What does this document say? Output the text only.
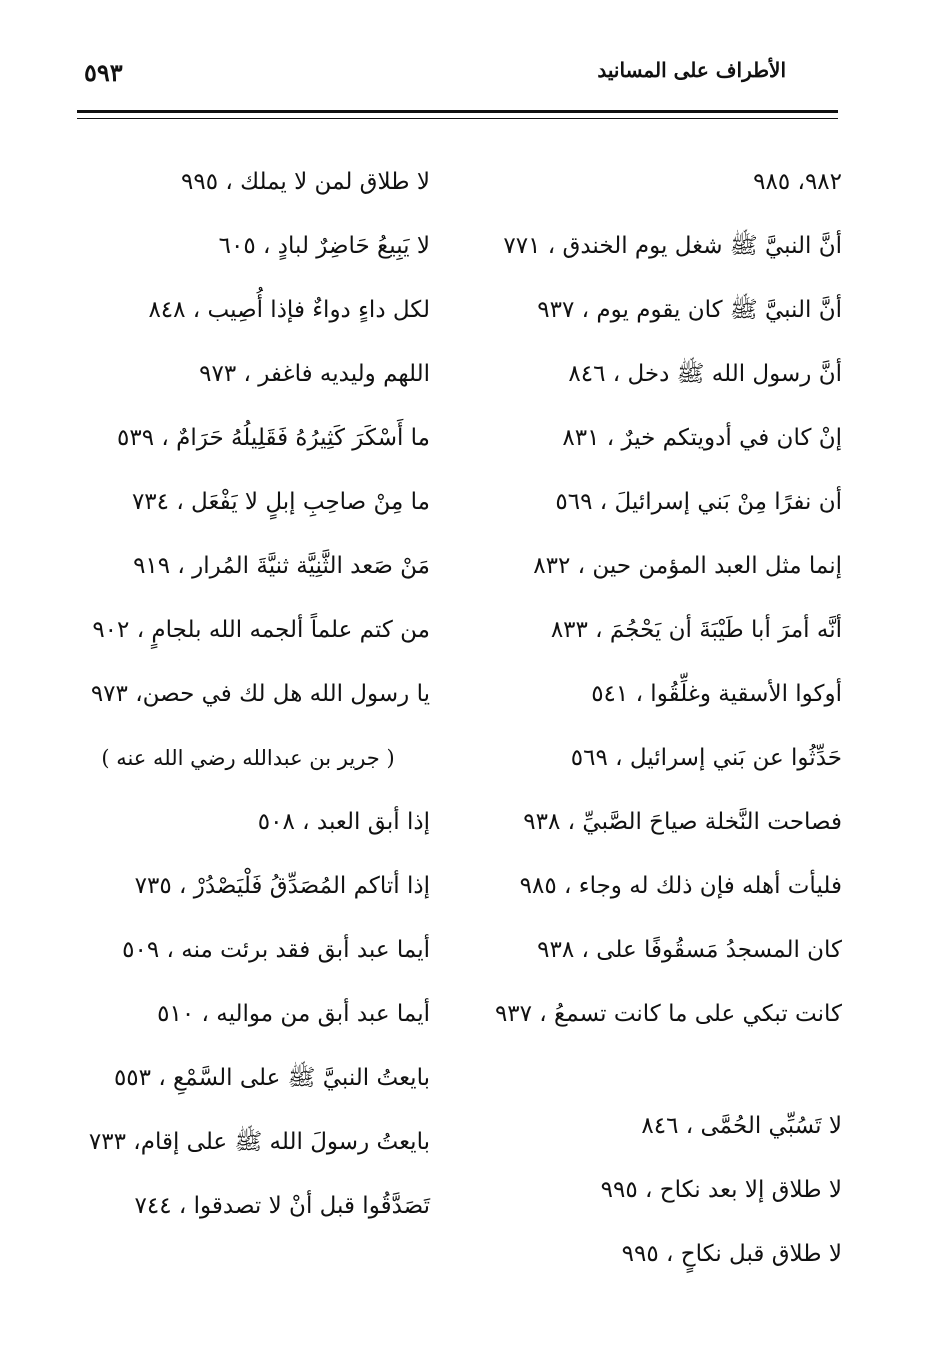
٥٩٣	الأطراف على المسانيد

٩٨٢، ٩٨٥

أنَّ النبيَّ ﷺ شغل يوم الخندق ، ٧٧١

أنَّ النبيَّ ﷺ كان يقوم يوم ، ٩٣٧

أنَّ رسول الله ﷺ دخل ، ٨٤٦

إنْ كان في أدويتكم خيرٌ ، ٨٣١

أن نفرًا مِنْ بَني إسرائيلَ ، ٥٦٩

إنما مثل العبد المؤمن حين ، ٨٣٢

أنَّه أمرَ أبا طَيْبَةَ أن يَحْجُمَ ، ٨٣٣

أوكوا الأسقية وغلِّقُوا ، ٥٤١

حَدِّثُوا عن بَني إسرائيل ، ٥٦٩

فصاحت النَّخلة صياحَ الصَّبيِّ ، ٩٣٨

فليأت أهله فإن ذلك له وجاء ، ٩٨٥

كان المسجدُ مَسقُوفًا على ، ٩٣٨

كانت تبكي على ما كانت تسمعُ ، ٩٣٧

لا تَسُبِّي الحُمَّى ، ٨٤٦

لا طلاق إلا بعد نكاح ، ٩٩٥

لا طلاق قبل نكاحٍ ، ٩٩٥

لا طلاق لمن لا يملك ، ٩٩٥

لا يَبِيعُ حَاضِرٌ لبادٍ ، ٦٠٥

لكل داءٍ دواءٌ فإذا أُصِيب ، ٨٤٨

اللهم وليديه فاغفر ، ٩٧٣

ما أَسْكَرَ كَثِيرُهُ فَقَلِيلُهُ حَرَامٌ ، ٥٣٩

ما مِنْ صاحِبِ إبلٍ لا يَفْعَل ، ٧٣٤

مَنْ صَعد الثَّنِيَّة ثنيَّةَ المُرار ، ٩١٩

من كتم علماً ألجمه الله بلجامٍ ، ٩٠٢

يا رسول الله هل لك في حصن، ٩٧٣

( جرير بن عبدالله رضي الله عنه )

إذا أبق العبد ، ٥٠٨

إذا أتاكم المُصَدِّقُ فَلْيَصْدُرْ ، ٧٣٥

أيما عبد أبق فقد برئت منه ، ٥٠٩

أيما عبد أبق من مواليه ، ٥١٠

بايعتُ النبيَّ ﷺ على السَّمْعِ ، ٥٥٣

بايعتُ رسولَ الله ﷺ على إقام، ٧٣٣

تَصَدَّقُوا قبل أنْ لا تصدقوا ، ٧٤٤
